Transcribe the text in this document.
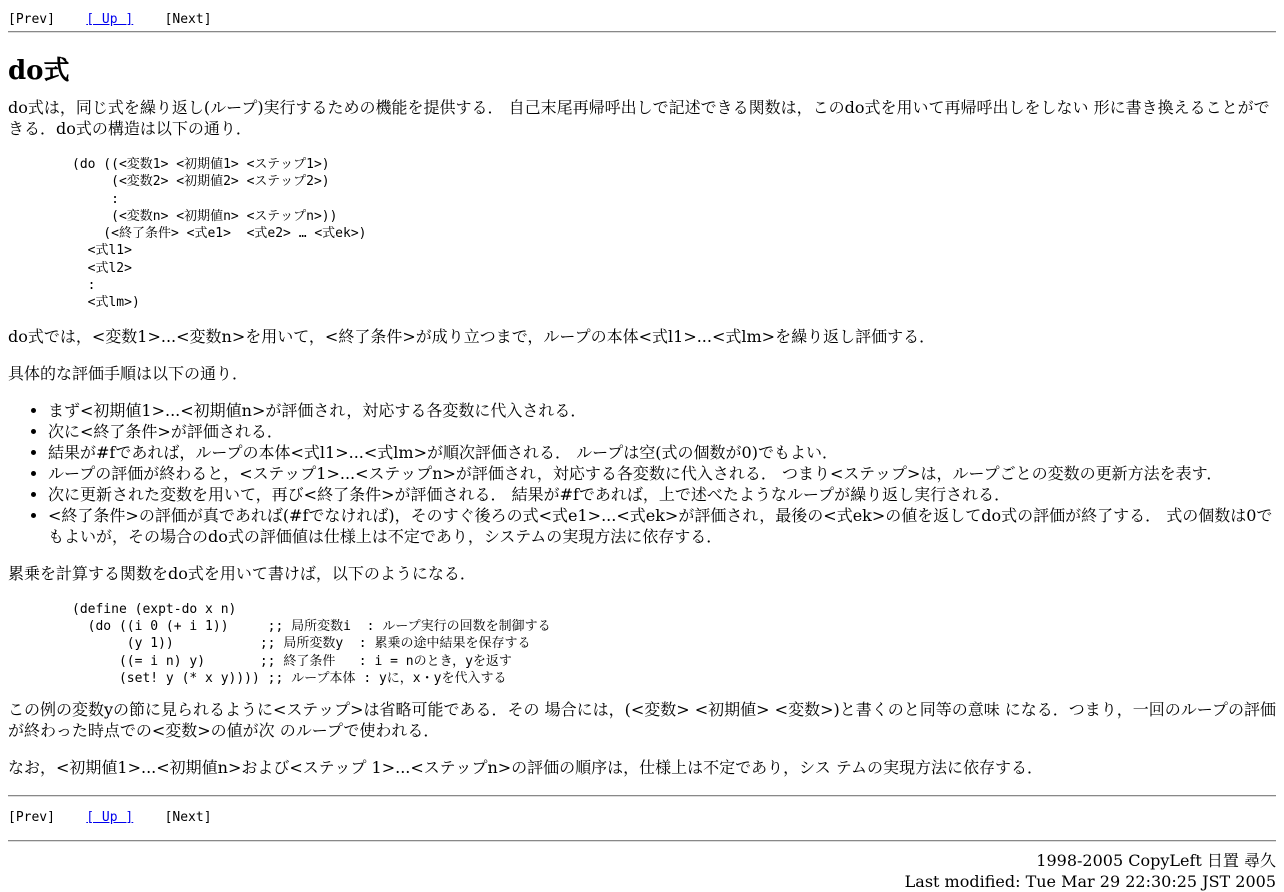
[Prev] [ Up ] [Next]
do式

do式は，同じ式を繰り返し(ループ)実行するための機能を提供する． 自己末尾再帰呼出しで記述できる関数は，このdo式を用いて再帰呼出しをしない 形に書き換えることができる．do式の構造は以下の通り．

(do ((<変数1> <初期値1> <ステップ1>)
(<変数2> <初期値2> <ステップ2>)
:
(<変数n> <初期値n> <ステップn>))
(<終了条件> <式e1>  <式e2> … <式ek>)
<式l1>
<式l2>
:
<式lm>)

do式では，<変数1>...<変数n>を用いて，<終了条件>が成り立つまで，ループの本体<式l1>...<式lm>を繰り返し評価する．

具体的な評価手順は以下の通り．

• まず<初期値1>...<初期値n>が評価され，対応する各変数に代入される．
• 次に<終了条件>が評価される．
• 結果が#fであれば，ループの本体<式l1>...<式lm>が順次評価される． ループは空(式の個数が0)でもよい．
• ループの評価が終わると，<ステップ1>...<ステップn>が評価され，対応する各変数に代入される． つまり<ステップ>は，ループごとの変数の更新方法を表す．
• 次に更新された変数を用いて，再び<終了条件>が評価される． 結果が#fであれば，上で述べたようなループが繰り返し実行される．
• <終了条件>の評価が真であれば(#fでなければ)，そのすぐ後ろの式<式e1>...<式ek>が評価され，最後の<式ek>の値を返してdo式の評価が終了する． 式の個数は0でもよいが，その場合のdo式の評価値は仕様上は不定であり，システムの実現方法に依存する．

累乗を計算する関数をdo式を用いて書けば，以下のようになる．

(define (expt-do x n)
(do ((i 0 (+ i 1))     ;; 局所変数i  : ループ実行の回数を制御する
(y 1))           ;; 局所変数y  : 累乗の途中結果を保存する
((= i n) y)       ;; 終了条件   : i = nのとき，yを返す
(set! y (* x y)))) ;; ループ本体 : yに，x・yを代入する

この例の変数yの節に見られるように<ステップ>は省略可能である．その 場合には，(<変数> <初期値> <変数>)と書くのと同等の意味 になる．つまり，一回のループの評価が終わった時点での<変数>の値が次 のループで使われる．

なお，<初期値1>...<初期値n>および<ステップ 1>...<ステップn>の評価の順序は，仕様上は不定であり，シス テムの実現方法に依存する．

[Prev] [ Up ] [Next]
1998-2005 CopyLeft 日置 尋久
Last modified: Tue Mar 29 22:30:25 JST 2005
